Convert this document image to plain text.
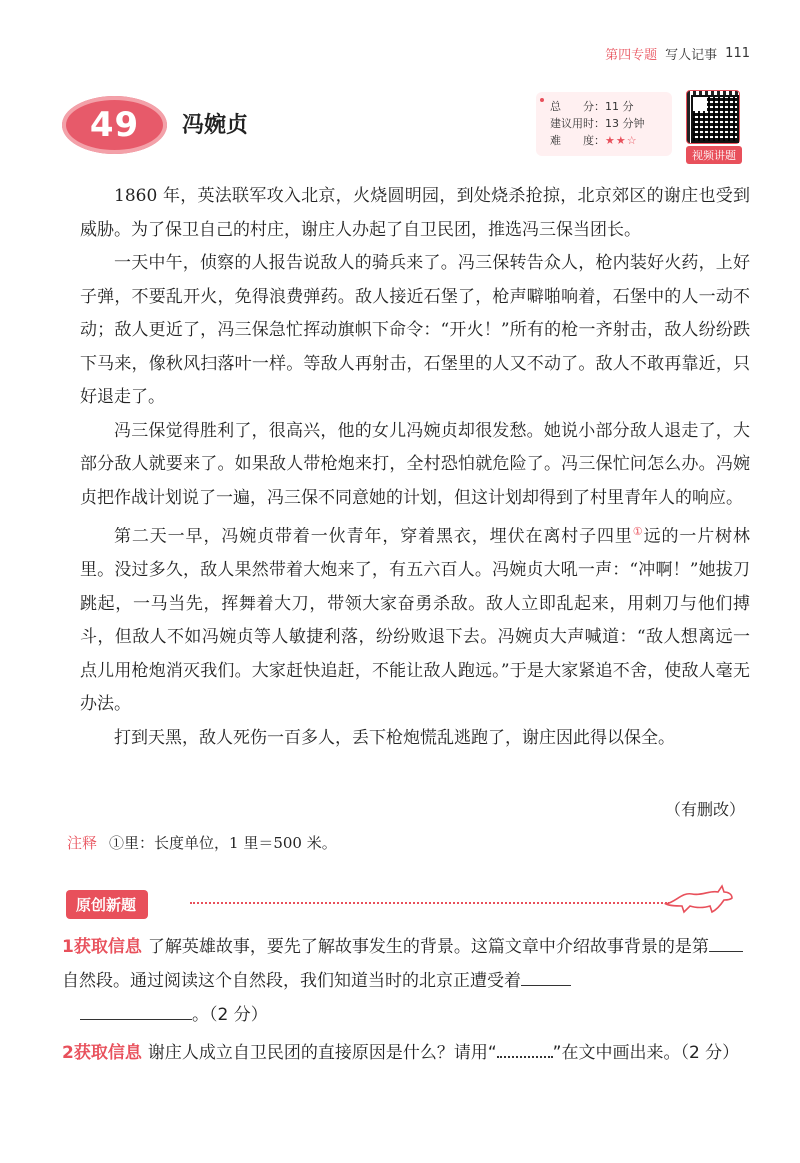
第四专题 写人记事 111
49 冯婉贞
总　　分：11 分
建议用时：13 分钟
难　　度：★★☆
视频讲题

1860 年，英法联军攻入北京，火烧圆明园，到处烧杀抢掠，北京郊区的谢庄也受到威胁。为了保卫自己的村庄，谢庄人办起了自卫民团，推选冯三保当团长。

一天中午，侦察的人报告说敌人的骑兵来了。冯三保转告众人，枪内装好火药，上好子弹，不要乱开火，免得浪费弹药。敌人接近石堡了，枪声噼啪响着，石堡中的人一动不动；敌人更近了，冯三保急忙挥动旗帜下命令：“开火！”所有的枪一齐射击，敌人纷纷跌下马来，像秋风扫落叶一样。等敌人再射击，石堡里的人又不动了。敌人不敢再靠近，只好退走了。

冯三保觉得胜利了，很高兴，他的女儿冯婉贞却很发愁。她说小部分敌人退走了，大部分敌人就要来了。如果敌人带枪炮来打，全村恐怕就危险了。冯三保忙问怎么办。冯婉贞把作战计划说了一遍，冯三保不同意她的计划，但这计划却得到了村里青年人的响应。

第二天一早，冯婉贞带着一伙青年，穿着黑衣，埋伏在离村子四里①远的一片树林里。没过多久，敌人果然带着大炮来了，有五六百人。冯婉贞大吼一声：“冲啊！”她拔刀跳起，一马当先，挥舞着大刀，带领大家奋勇杀敌。敌人立即乱起来，用刺刀与他们搏斗，但敌人不如冯婉贞等人敏捷利落，纷纷败退下去。冯婉贞大声喊道：“敌人想离远一点儿用枪炮消灭我们。大家赶快追赶，不能让敌人跑远。”于是大家紧追不舍，使敌人毫无办法。

打到天黑，敌人死伤一百多人，丢下枪炮慌乱逃跑了，谢庄因此得以保全。

（有删改）
注释 ①里：长度单位，1 里＝500 米。
原创新题
1获取信息 了解英雄故事，要先了解故事发生的背景。这篇文章中介绍故事背景的是第自然段。通过阅读这个自然段，我们知道当时的北京正遭受着
。（2 分）
2获取信息 谢庄人成立自卫民团的直接原因是什么？请用“	”在文中画出来。（2 分）
